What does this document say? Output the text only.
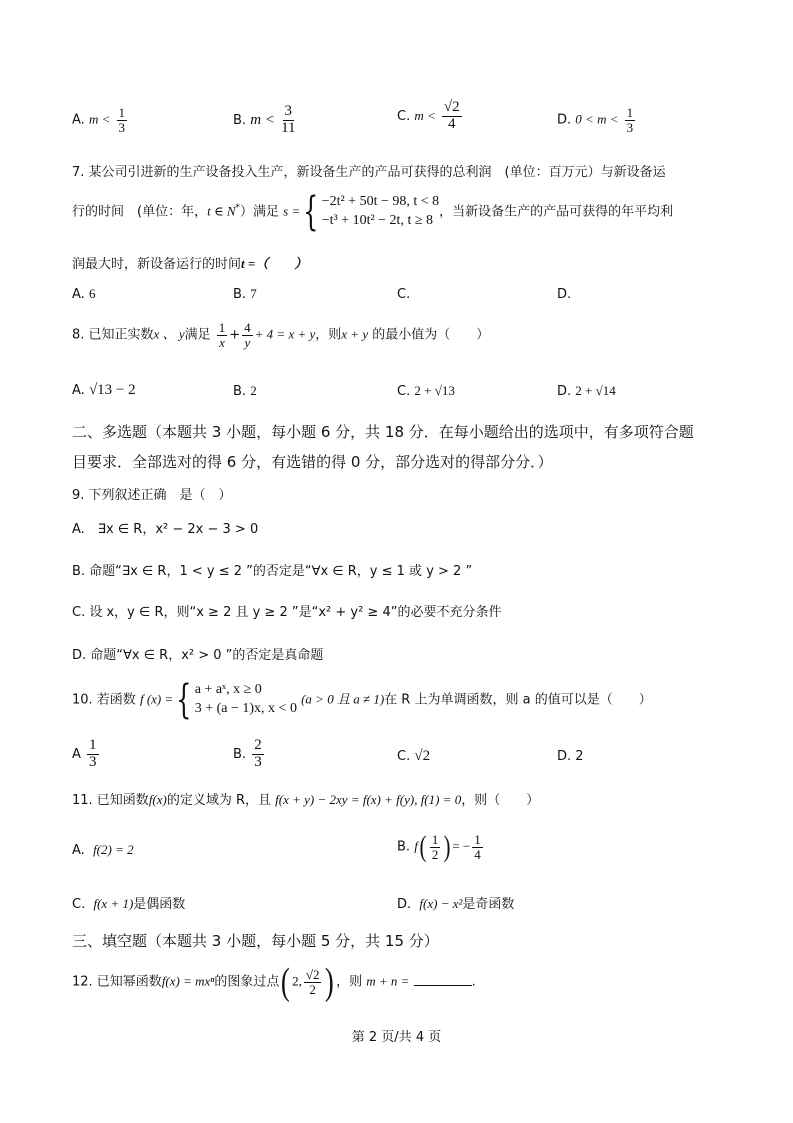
A. $m < \frac{1}{3}$	B. $m < \frac{3}{11}$	C. $m < \frac{√2}{4}$	D. $0 < m < \frac{1}{3}$
7. 某公司引进新的生产设备投入生产，新设备生产的产品可获得的总利润　(单位：百万元）与新设备运
行的时间　(单位：年，t ∈ N*）满足 s ={ −2t² + 50t − 98, t < 8
−t³ + 10t² − 2t, t ≥ 8
，当新设备生产的产品可获得的年平均利
润最大时，新设备运行的时间t =（　　）
A. 6	B. 7	C.	D.
8. 已知正实数x 、 y满足 $\frac{1}{x} + \frac{4}{y} + 4 = x + y$，则x + y 的最小值为（　　）
A. √13 − 2	B. 2	C. 2 + √13	D. 2 + √14
二、多选题（本题共 3 小题，每小题 6 分，共 18 分．在每小题给出的选项中，有多项符合题
目要求．全部选对的得 6 分，有选错的得 0 分，部分选对的得部分分．）
9. 下列叙述正确　是（　）
A.　∃x ∈ R，x² − 2x − 3 > 0
B. 命题“∃x ∈ R，1 < y ≤ 2 ”的否定是“∀x ∈ R，y ≤ 1 或 y > 2 ”
C. 设 x，y ∈ R，则“x ≥ 2 且 y ≥ 2 ”是“x² + y² ≥ 4”的必要不充分条件
D. 命题“∀x ∈ R，x² > 0 ”的否定是真命题
10. 若函数 f (x) ={ a + aˣ, x ≥ 0
3 + (a − 1)x, x < 0
(a > 0 且 a ≠ 1)在 R 上为单调函数，则 a 的值可以是（　　）
A $\frac{1}{3}$	B. $\frac{2}{3}$	C. √2	D. 2
11. 已知函数f(x)的定义域为 R，且 f(x + y) − 2xy = f(x) + f(y), f(1) = 0，则（　　）
A. f(2) = 2	B. $f( \frac{1}{2}$ ) = − $\frac{1}{4}$
C. f(x + 1)是偶函数	D. f(x) − x²是奇函数
三、填空题（本题共 3 小题，每小题 5 分，共 15 分）
12. 已知幂函数f(x) = mxⁿ的图象过点( 2, $\frac{√2}{2}$ ) ，则 m + n =	.
第 2 页/共 4 页
